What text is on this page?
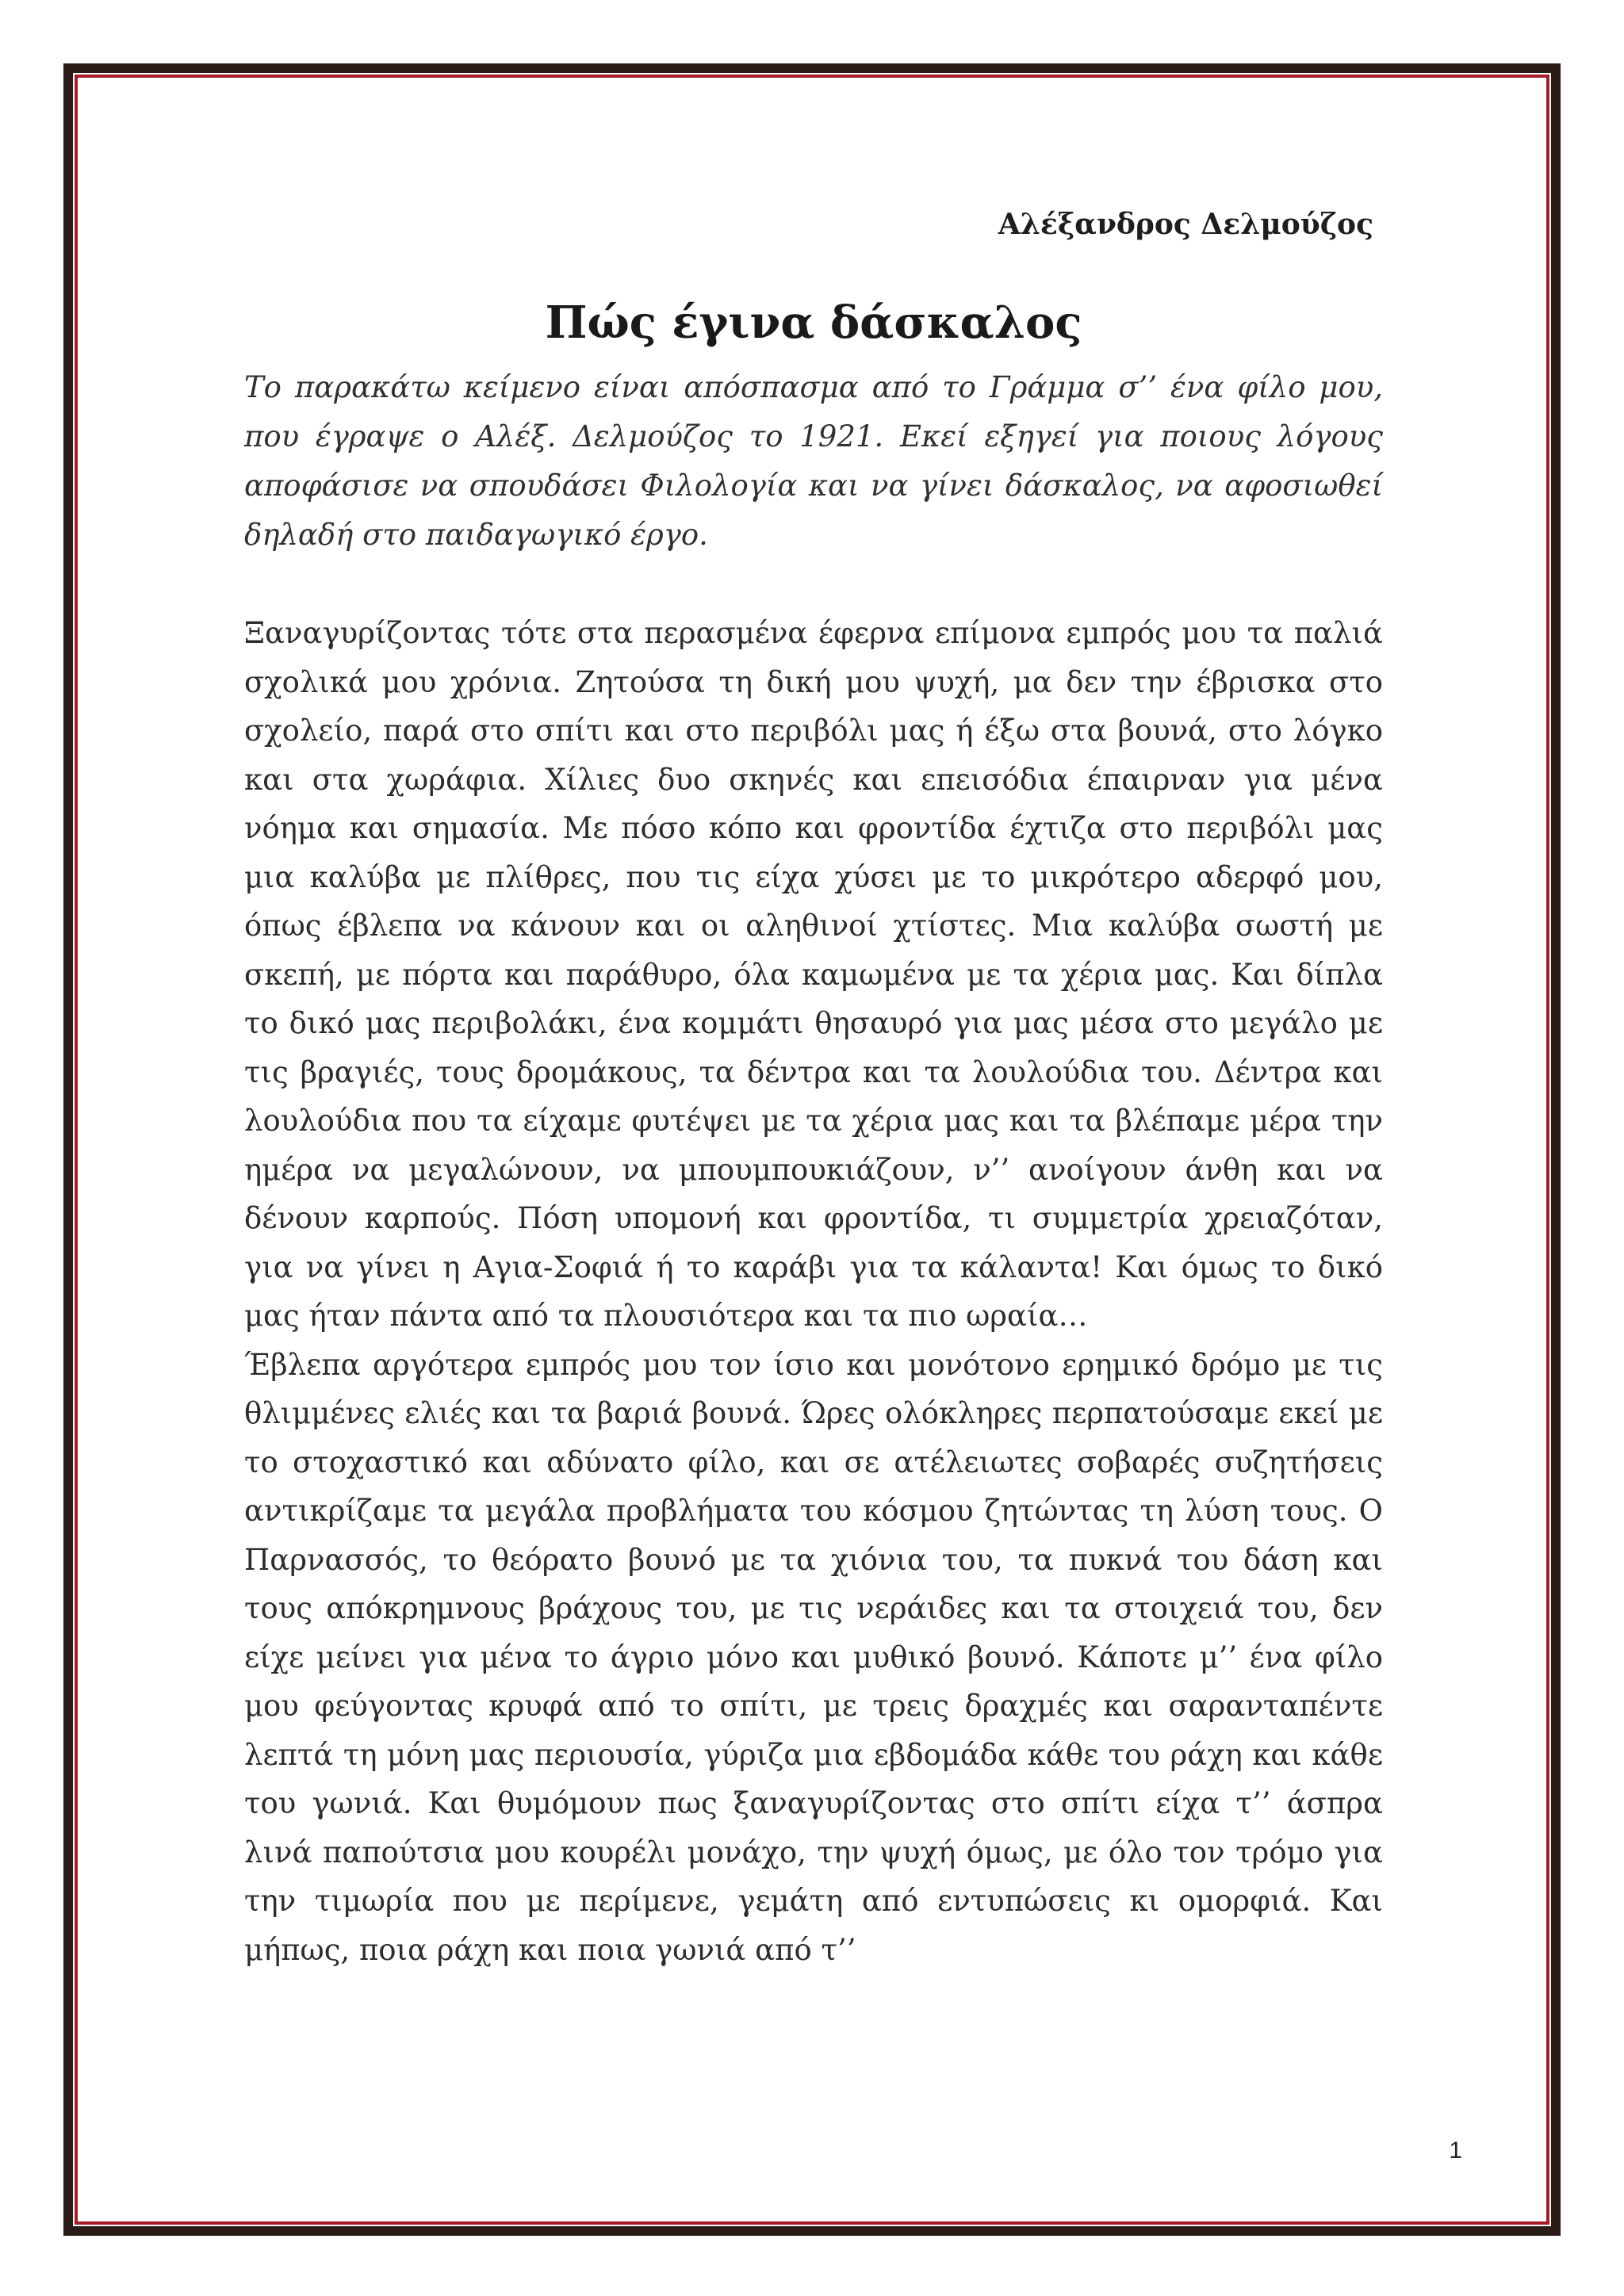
Αλέξανδρος Δελμούζος

Πώς έγινα δάσκαλος

Το παρακάτω κείμενο είναι απόσπασμα από το Γράμμα σ’’ ένα φίλο μου, που έγραψε ο Αλέξ. Δελμούζος το 1921. Εκεί εξηγεί για ποιους λόγους αποφάσισε να σπουδάσει Φιλολογία και να γίνει δάσκαλος, να αφοσιωθεί δηλαδή στο παιδαγωγικό έργο.

Ξαναγυρίζοντας τότε στα περασμένα έφερνα επίμονα εμπρός μου τα παλιά σχολικά μου χρόνια. Ζητούσα τη δική μου ψυχή, μα δεν την έβρισκα στο σχολείο, παρά στο σπίτι και στο περιβόλι μας ή έξω στα βουνά, στο λόγκο και στα χωράφια. Χίλιες δυο σκηνές και επεισόδια έπαιρναν για μένα νόημα και σημασία. Με πόσο κόπο και φροντίδα έχτιζα στο περιβόλι μας μια καλύβα με πλίθρες, που τις είχα χύσει με το μικρότερο αδερφό μου, όπως έβλεπα να κάνουν και οι αληθινοί χτίστες. Μια καλύβα σωστή με σκεπή, με πόρτα και παράθυρο, όλα καμωμένα με τα χέρια μας. Και δίπλα το δικό μας περιβολάκι, ένα κομμάτι θησαυρό για μας μέσα στο μεγάλο με τις βραγιές, τους δρομάκους, τα δέντρα και τα λουλούδια του. Δέντρα και λουλούδια που τα είχαμε φυτέψει με τα χέρια μας και τα βλέπαμε μέρα την ημέρα να μεγαλώνουν, να μπουμπουκιάζουν, ν’’ ανοίγουν άνθη και να δένουν καρπούς. Πόση υπομονή και φροντίδα, τι συμμετρία χρειαζόταν, για να γίνει η Αγια-Σοφιά ή το καράβι για τα κάλαντα! Και όμως το δικό μας ήταν πάντα από τα πλουσιότερα και τα πιο ωραία…

Έβλεπα αργότερα εμπρός μου τον ίσιο και μονότονο ερημικό δρόμο με τις θλιμμένες ελιές και τα βαριά βουνά. Ώρες ολόκληρες περπατούσαμε εκεί με το στοχαστικό και αδύνατο φίλο, και σε ατέλειωτες σοβαρές συζητήσεις αντικρίζαμε τα μεγάλα προβλήματα του κόσμου ζητώντας τη λύση τους. Ο Παρνασσός, το θεόρατο βουνό με τα χιόνια του, τα πυκνά του δάση και τους απόκρημνους βράχους του, με τις νεράιδες και τα στοιχειά του, δεν είχε μείνει για μένα το άγριο μόνο και μυθικό βουνό. Κάποτε μ’’ ένα φίλο μου φεύγοντας κρυφά από το σπίτι, με τρεις δραχμές και σαρανταπέντε λεπτά τη μόνη μας περιουσία, γύριζα μια εβδομάδα κάθε του ράχη και κάθε του γωνιά. Και θυμόμουν πως ξαναγυρίζοντας στο σπίτι είχα τ’’ άσπρα λινά παπούτσια μου κουρέλι μονάχο, την ψυχή όμως, με όλο τον τρόμο για την τιμωρία που με περίμενε, γεμάτη από εντυπώσεις κι ομορφιά. Και μήπως, ποια ράχη και ποια γωνιά από τ’’

1
